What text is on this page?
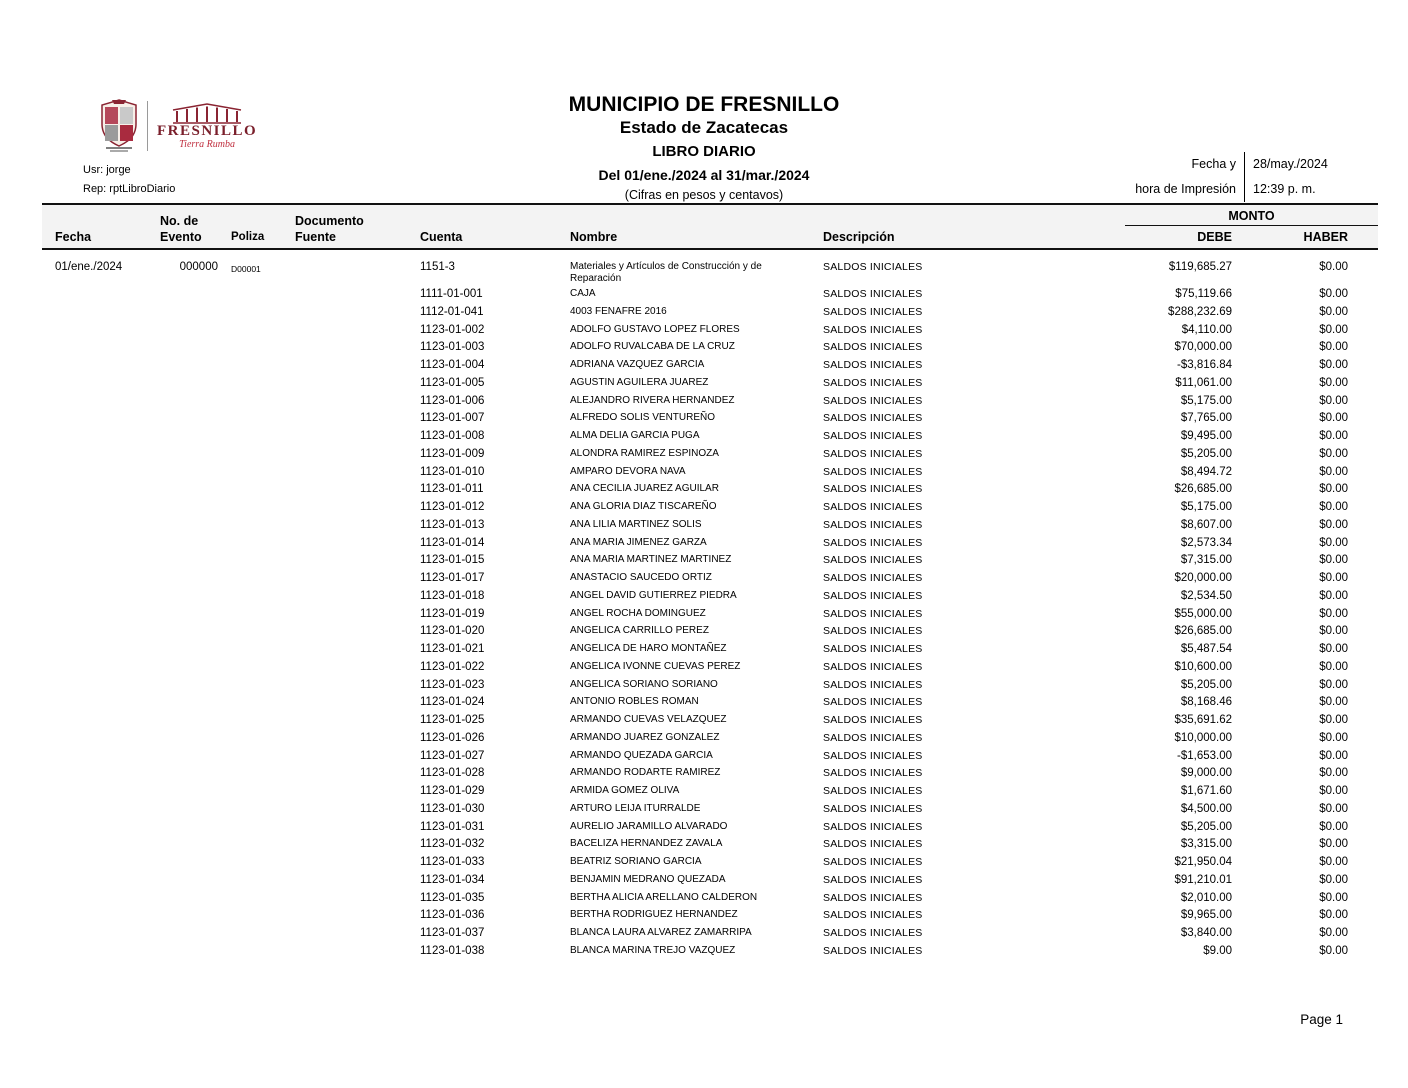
FRESNILLO
Tierra Rumba
MUNICIPIO DE FRESNILLO
Estado de Zacatecas
LIBRO DIARIO
Del 01/ene./2024 al 31/mar./2024
(Cifras en pesos y centavos)
Usr: jorge
Rep: rptLibroDiario
Fecha y
hora de Impresión
28/may./2024
12:39 p. m.
Fecha
No. de
Evento	Poliza
Documento
Fuente	Cuenta	Nombre	Descripción
MONTO
DEBE	HABER
01/ene./2024	000000	D00001	1151-3	Materiales y Artículos de Construcción y de Reparación
SALDOS INICIALES	$119,685.27	$0.00
1111-01-001	CAJA	SALDOS INICIALES	$75,119.66	$0.00
1112-01-041	4003 FENAFRE 2016	SALDOS INICIALES	$288,232.69	$0.00
1123-01-002	ADOLFO GUSTAVO LOPEZ FLORES	SALDOS INICIALES	$4,110.00	$0.00
1123-01-003	ADOLFO RUVALCABA DE LA CRUZ	SALDOS INICIALES	$70,000.00	$0.00
1123-01-004	ADRIANA VAZQUEZ GARCIA	SALDOS INICIALES	-$3,816.84	$0.00
1123-01-005	AGUSTIN AGUILERA JUAREZ	SALDOS INICIALES	$11,061.00	$0.00
1123-01-006	ALEJANDRO RIVERA HERNANDEZ	SALDOS INICIALES	$5,175.00	$0.00
1123-01-007	ALFREDO SOLIS VENTUREÑO	SALDOS INICIALES	$7,765.00	$0.00
1123-01-008	ALMA DELIA GARCIA PUGA	SALDOS INICIALES	$9,495.00	$0.00
1123-01-009	ALONDRA RAMIREZ ESPINOZA	SALDOS INICIALES	$5,205.00	$0.00
1123-01-010	AMPARO DEVORA NAVA	SALDOS INICIALES	$8,494.72	$0.00
1123-01-011	ANA CECILIA JUAREZ AGUILAR	SALDOS INICIALES	$26,685.00	$0.00
1123-01-012	ANA GLORIA DIAZ TISCAREÑO	SALDOS INICIALES	$5,175.00	$0.00
1123-01-013	ANA LILIA MARTINEZ SOLIS	SALDOS INICIALES	$8,607.00	$0.00
1123-01-014	ANA MARIA JIMENEZ GARZA	SALDOS INICIALES	$2,573.34	$0.00
1123-01-015	ANA MARIA MARTINEZ MARTINEZ	SALDOS INICIALES	$7,315.00	$0.00
1123-01-017	ANASTACIO SAUCEDO ORTIZ	SALDOS INICIALES	$20,000.00	$0.00
1123-01-018	ANGEL DAVID GUTIERREZ PIEDRA	SALDOS INICIALES	$2,534.50	$0.00
1123-01-019	ANGEL ROCHA DOMINGUEZ	SALDOS INICIALES	$55,000.00	$0.00
1123-01-020	ANGELICA CARRILLO PEREZ	SALDOS INICIALES	$26,685.00	$0.00
1123-01-021	ANGELICA DE HARO MONTAÑEZ	SALDOS INICIALES	$5,487.54	$0.00
1123-01-022	ANGELICA IVONNE CUEVAS PEREZ	SALDOS INICIALES	$10,600.00	$0.00
1123-01-023	ANGELICA SORIANO SORIANO	SALDOS INICIALES	$5,205.00	$0.00
1123-01-024	ANTONIO ROBLES ROMAN	SALDOS INICIALES	$8,168.46	$0.00
1123-01-025	ARMANDO CUEVAS VELAZQUEZ	SALDOS INICIALES	$35,691.62	$0.00
1123-01-026	ARMANDO JUAREZ GONZALEZ	SALDOS INICIALES	$10,000.00	$0.00
1123-01-027	ARMANDO QUEZADA GARCIA	SALDOS INICIALES	-$1,653.00	$0.00
1123-01-028	ARMANDO RODARTE RAMIREZ	SALDOS INICIALES	$9,000.00	$0.00
1123-01-029	ARMIDA GOMEZ OLIVA	SALDOS INICIALES	$1,671.60	$0.00
1123-01-030	ARTURO LEIJA ITURRALDE	SALDOS INICIALES	$4,500.00	$0.00
1123-01-031	AURELIO JARAMILLO ALVARADO	SALDOS INICIALES	$5,205.00	$0.00
1123-01-032	BACELIZA HERNANDEZ ZAVALA	SALDOS INICIALES	$3,315.00	$0.00
1123-01-033	BEATRIZ SORIANO GARCIA	SALDOS INICIALES	$21,950.04	$0.00
1123-01-034	BENJAMIN MEDRANO QUEZADA	SALDOS INICIALES	$91,210.01	$0.00
1123-01-035	BERTHA ALICIA ARELLANO CALDERON	SALDOS INICIALES	$2,010.00	$0.00
1123-01-036	BERTHA RODRIGUEZ HERNANDEZ	SALDOS INICIALES	$9,965.00	$0.00
1123-01-037	BLANCA LAURA ALVAREZ ZAMARRIPA	SALDOS INICIALES	$3,840.00	$0.00
1123-01-038	BLANCA MARINA TREJO VAZQUEZ	SALDOS INICIALES	$9.00	$0.00
Page 1
